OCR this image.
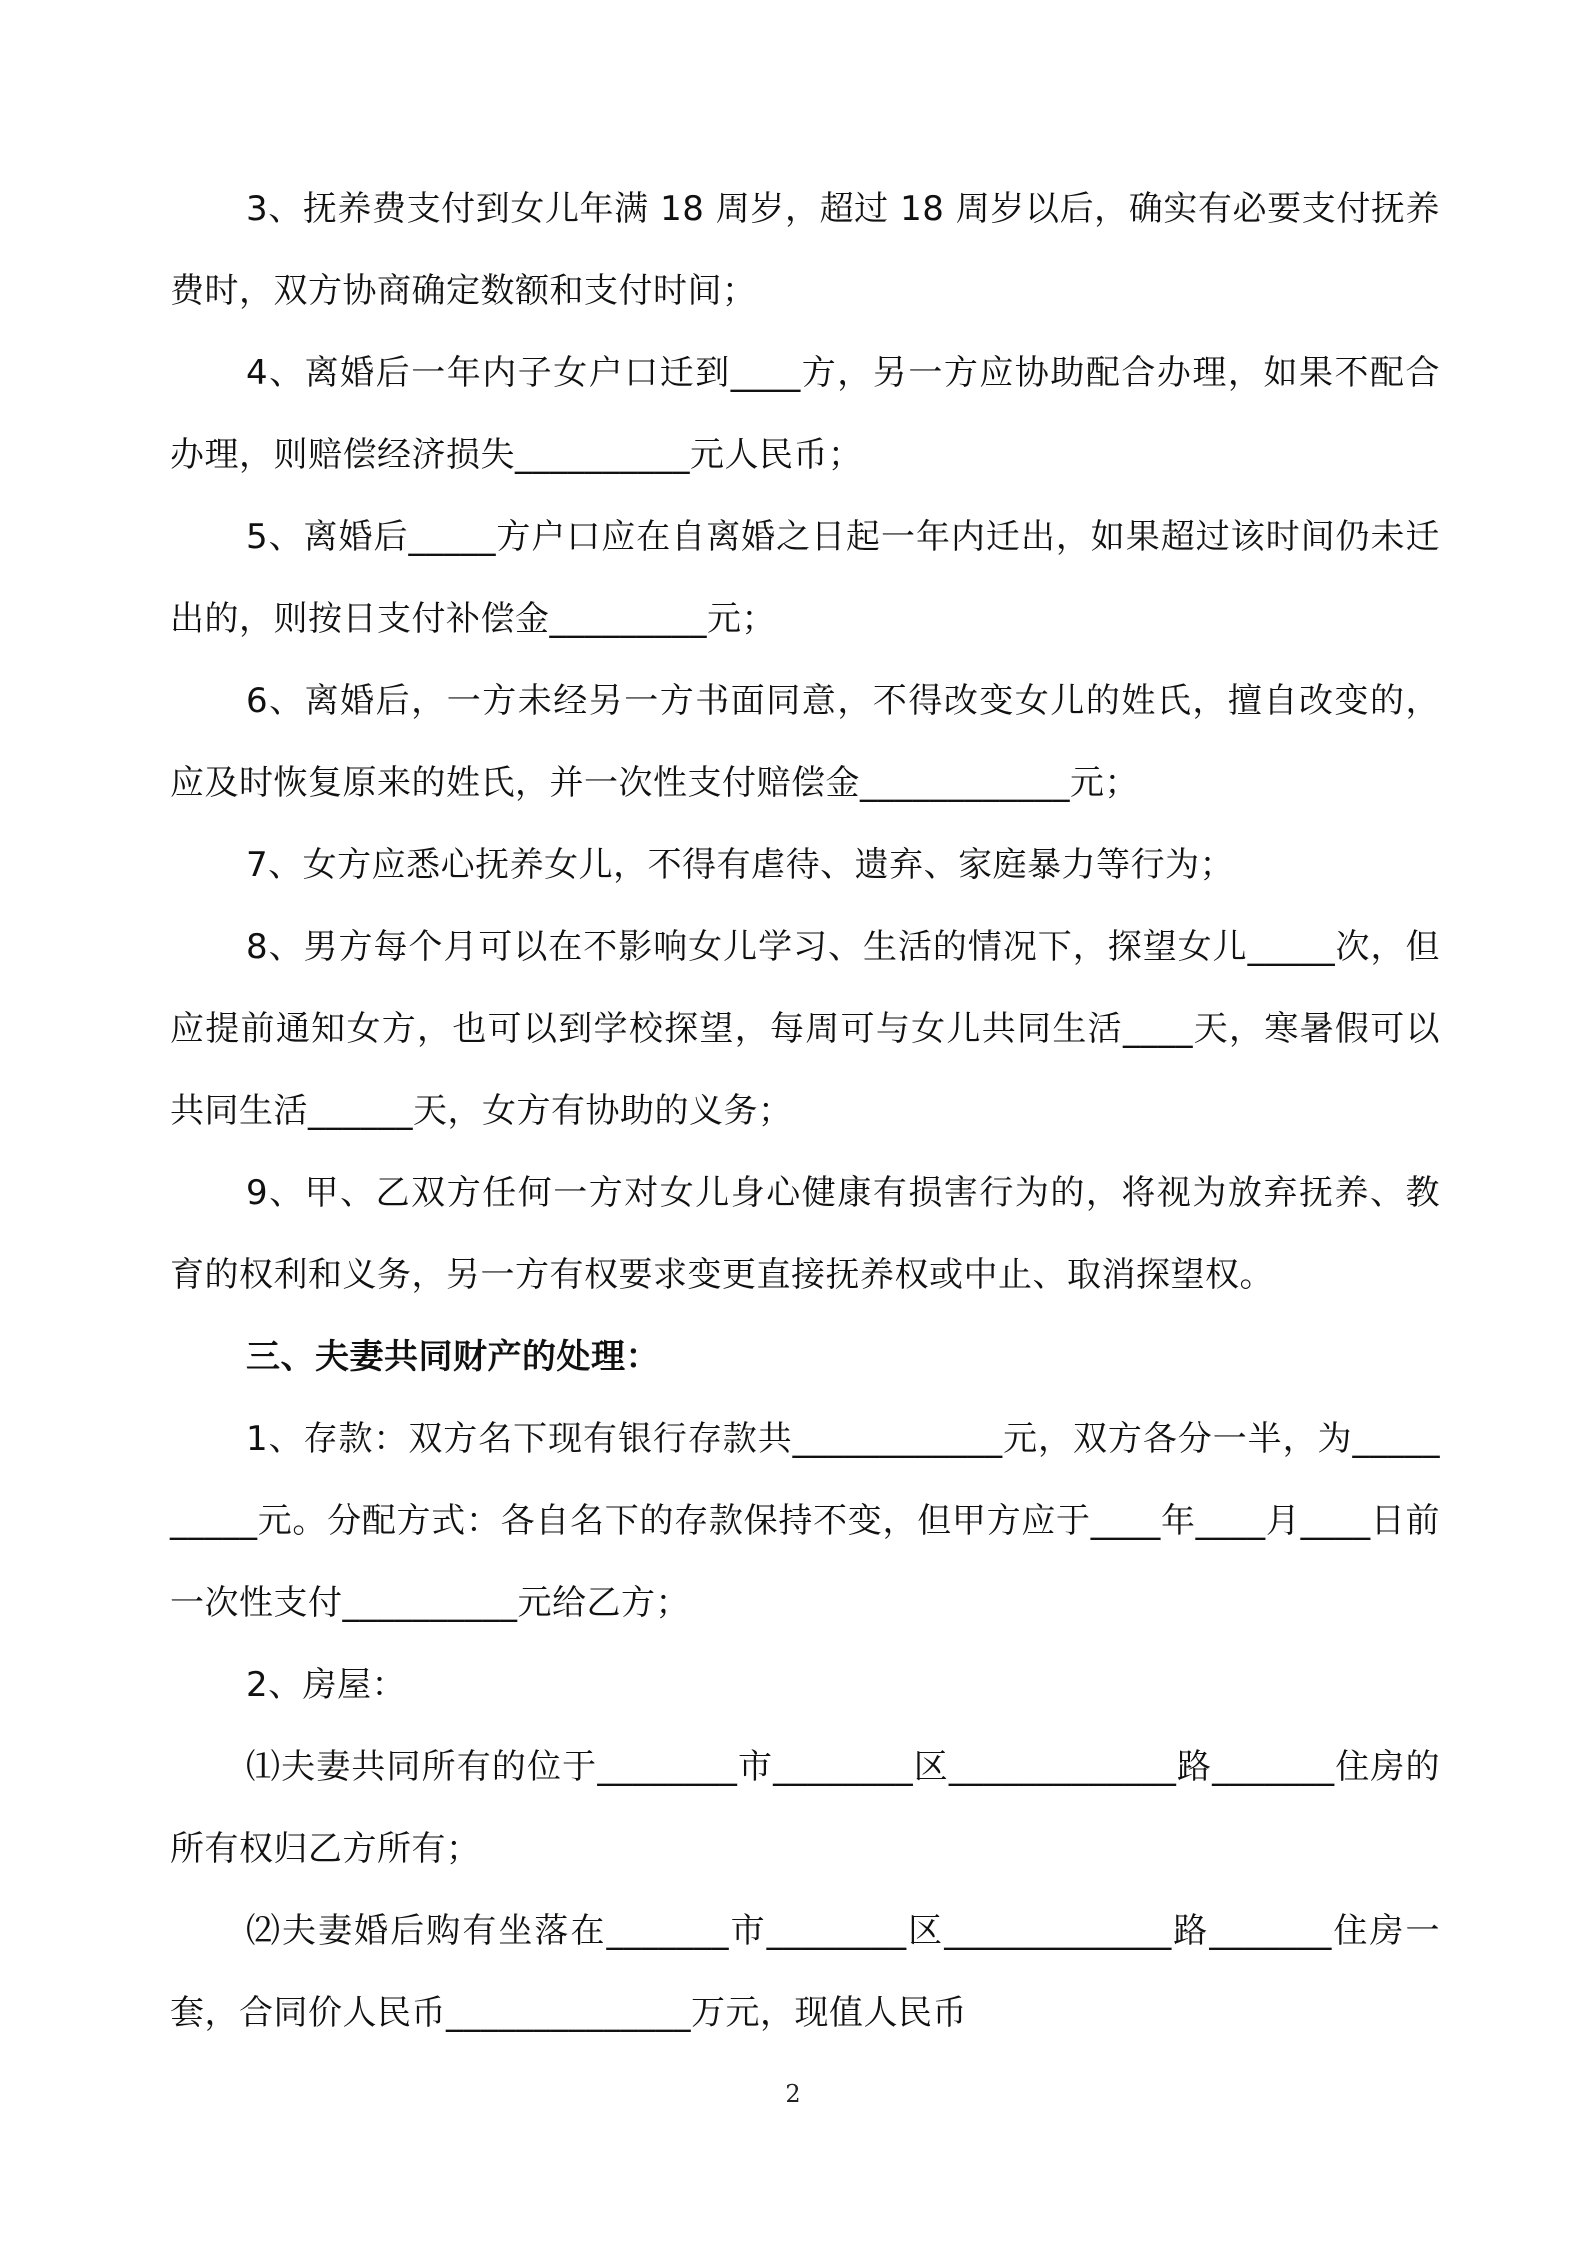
3、抚养费支付到女儿年满 18 周岁，超过 18 周岁以后，确实有必要支付抚养费时，双方协商确定数额和支付时间；

4、离婚后一年内子女户口迁到____方，另一方应协助配合办理，如果不配合办理，则赔偿经济损失__________元人民币；

5、离婚后_____方户口应在自离婚之日起一年内迁出，如果超过该时间仍未迁出的，则按日支付补偿金_________元；

6、离婚后，一方未经另一方书面同意，不得改变女儿的姓氏，擅自改变的，应及时恢复原来的姓氏，并一次性支付赔偿金____________元；

7、女方应悉心抚养女儿，不得有虐待、遗弃、家庭暴力等行为；

8、男方每个月可以在不影响女儿学习、生活的情况下，探望女儿_____次，但应提前通知女方，也可以到学校探望，每周可与女儿共同生活____天，寒暑假可以共同生活______天，女方有协助的义务；

9、甲、乙双方任何一方对女儿身心健康有损害行为的，将视为放弃抚养、教育的权利和义务，另一方有权要求变更直接抚养权或中止、取消探望权。

三、夫妻共同财产的处理：

1、存款：双方名下现有银行存款共____________元，双方各分一半，为__________元。分配方式：各自名下的存款保持不变，但甲方应于____年____月____日前一次性支付__________元给乙方；

2、房屋：

⑴夫妻共同所有的位于________市________区_____________路_______住房的所有权归乙方所有；

⑵夫妻婚后购有坐落在_______市________区_____________路_______住房一套，合同价人民币______________万元，现值人民币

2
